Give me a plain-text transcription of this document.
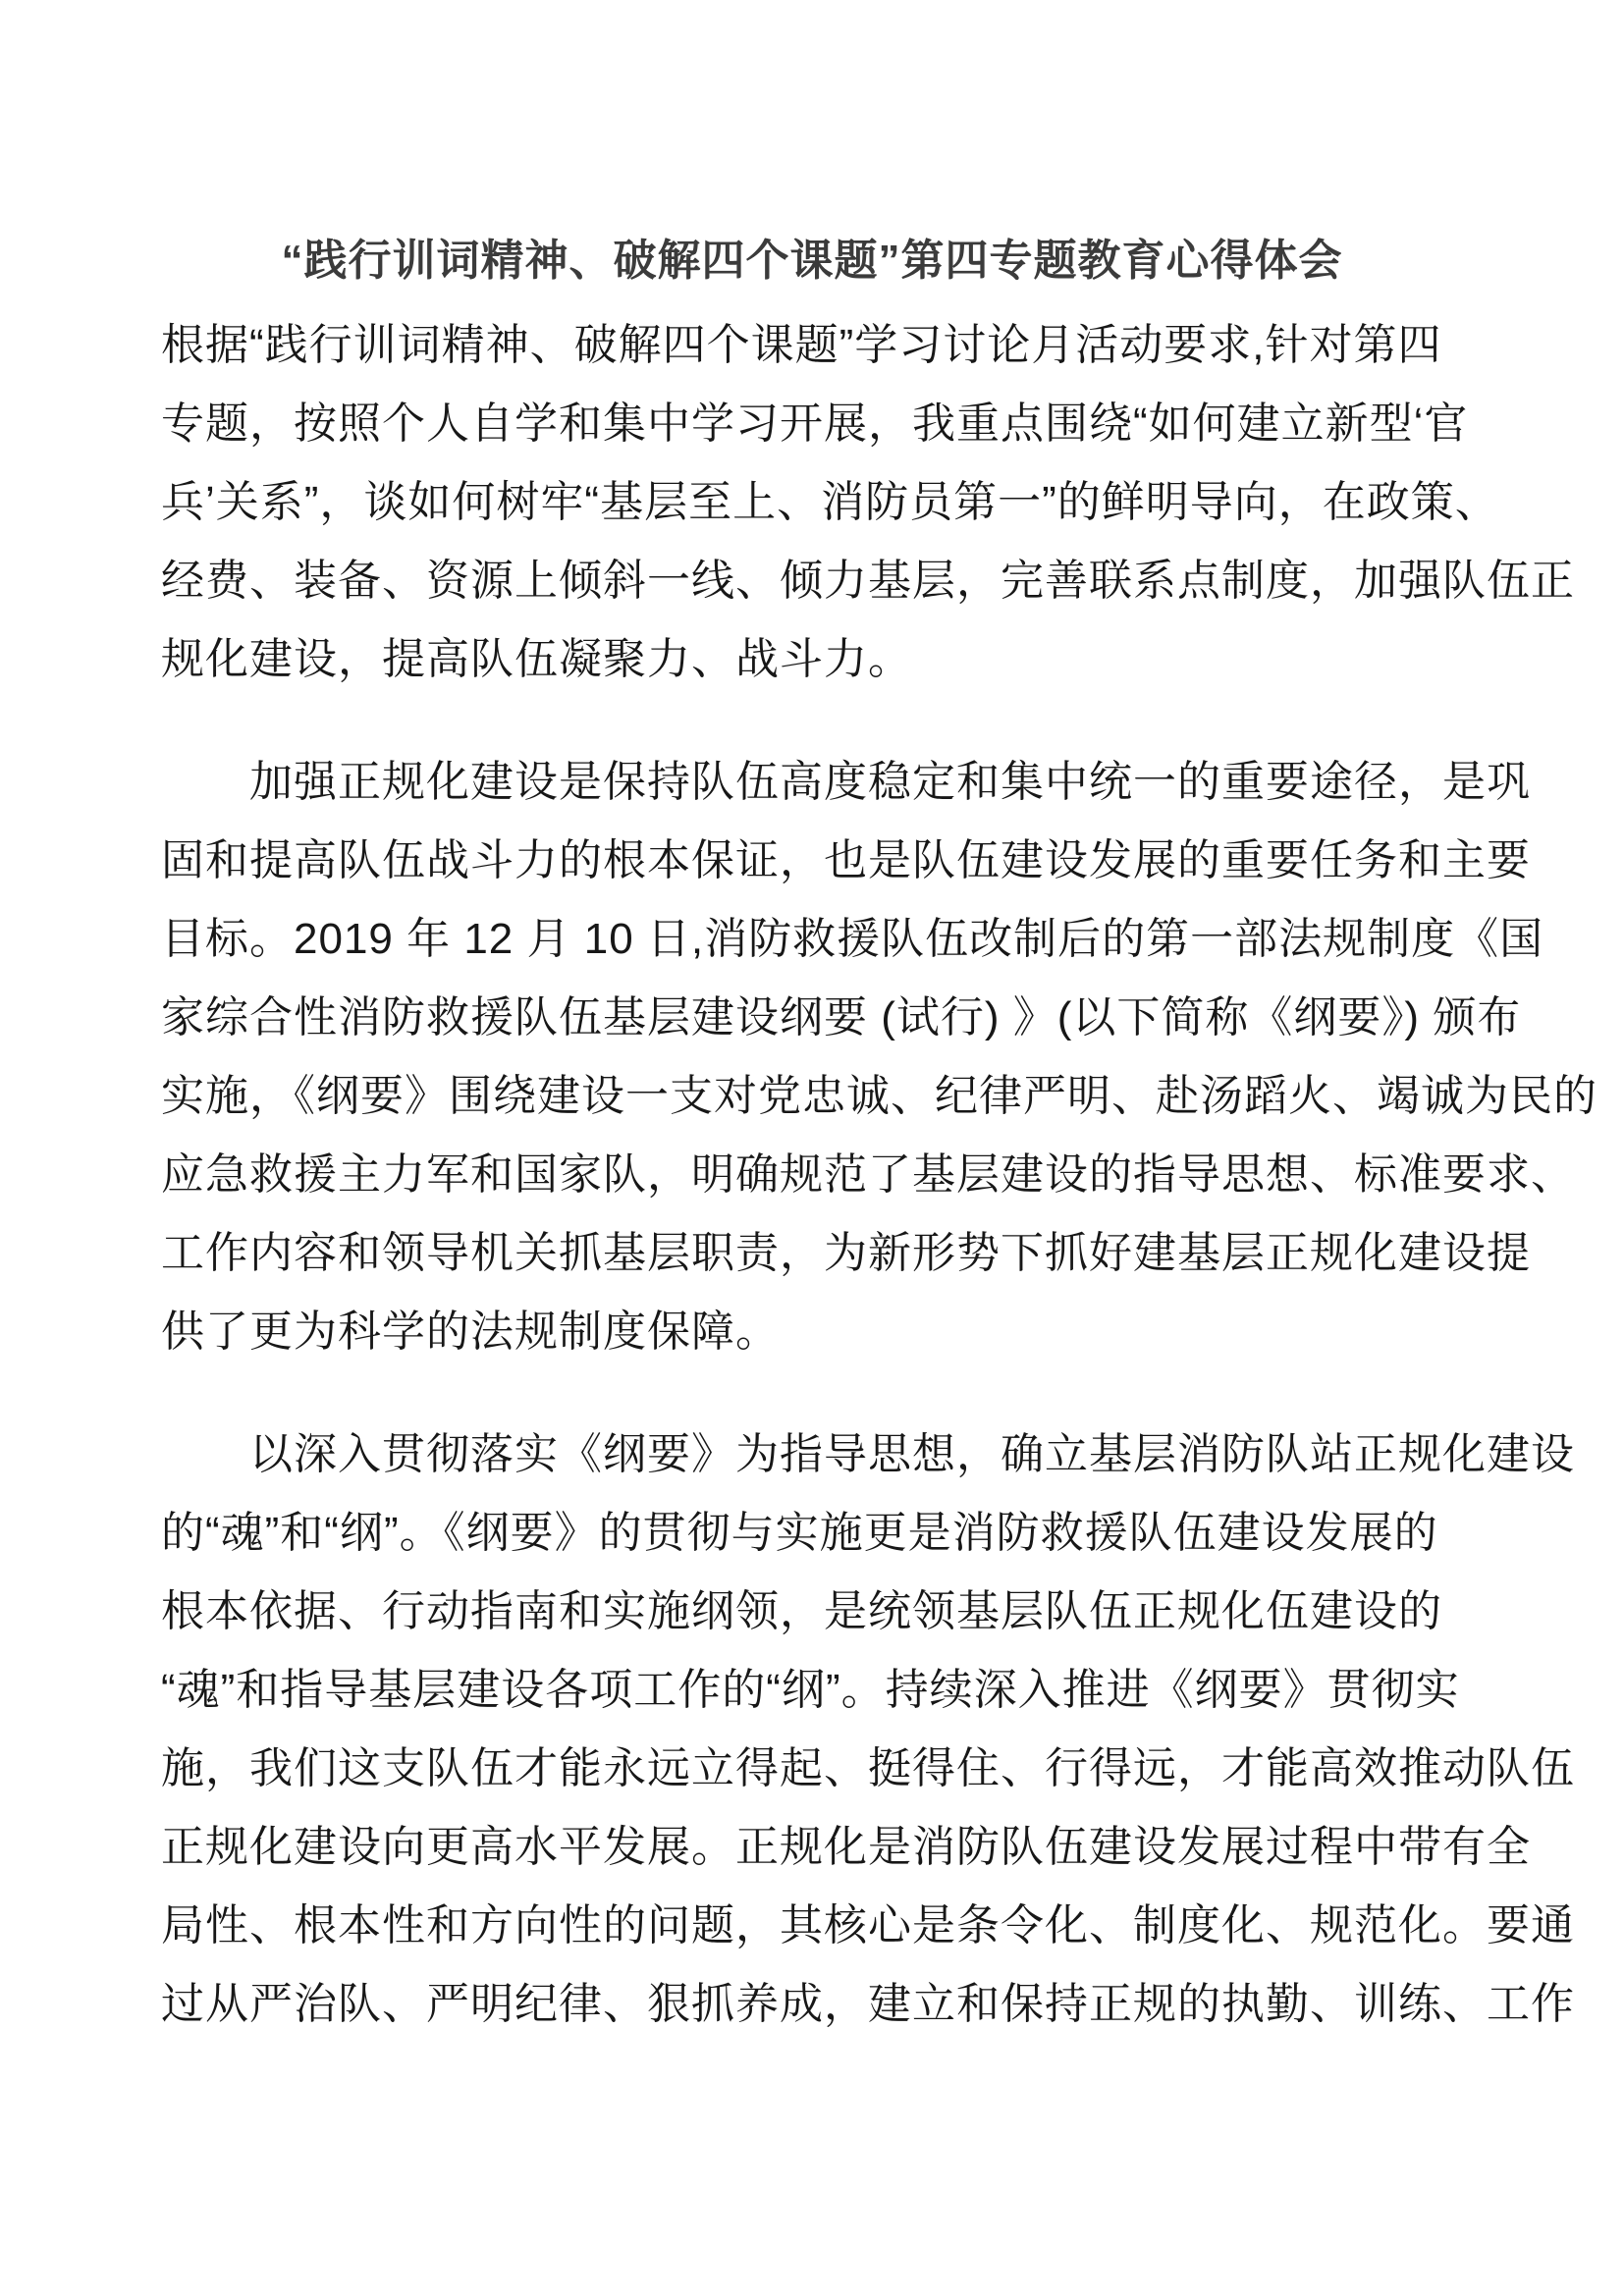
“践行训词精神、破解四个课题”第四专题教育心得体会
根据“践行训词精神、破解四个课题”学习讨论月活动要求,针对第四
专题，按照个人自学和集中学习开展，我重点围绕“如何建立新型‘官
兵’关系”，谈如何树牢“基层至上、消防员第一”的鲜明导向，在政策、
经费、装备、资源上倾斜一线、倾力基层，完善联系点制度，加强队伍正
规化建设，提高队伍凝聚力、战斗力。
加强正规化建设是保持队伍高度稳定和集中统一的重要途径，是巩
固和提高队伍战斗力的根本保证，也是队伍建设发展的重要任务和主要
目标。2019 年 12 月 10 日,消防救援队伍改制后的第一部法规制度《国
家综合性消防救援队伍基层建设纲要 (试行) 》(以下简称《纲要》) 颁布
实施，《纲要》围绕建设一支对党忠诚、纪律严明、赴汤蹈火、竭诚为民的
应急救援主力军和国家队，明确规范了基层建设的指导思想、标准要求、
工作内容和领导机关抓基层职责，为新形势下抓好建基层正规化建设提
供了更为科学的法规制度保障。
以深入贯彻落实《纲要》为指导思想，确立基层消防队站正规化建设
的“魂”和“纲”。《纲要》的贯彻与实施更是消防救援队伍建设发展的
根本依据、行动指南和实施纲领，是统领基层队伍正规化伍建设的
“魂”和指导基层建设各项工作的“纲”。持续深入推进《纲要》贯彻实
施，我们这支队伍才能永远立得起、挺得住、行得远，才能高效推动队伍
正规化建设向更高水平发展。正规化是消防队伍建设发展过程中带有全
局性、根本性和方向性的问题，其核心是条令化、制度化、规范化。要通
过从严治队、严明纪律、狠抓养成，建立和保持正规的执勤、训练、工作
